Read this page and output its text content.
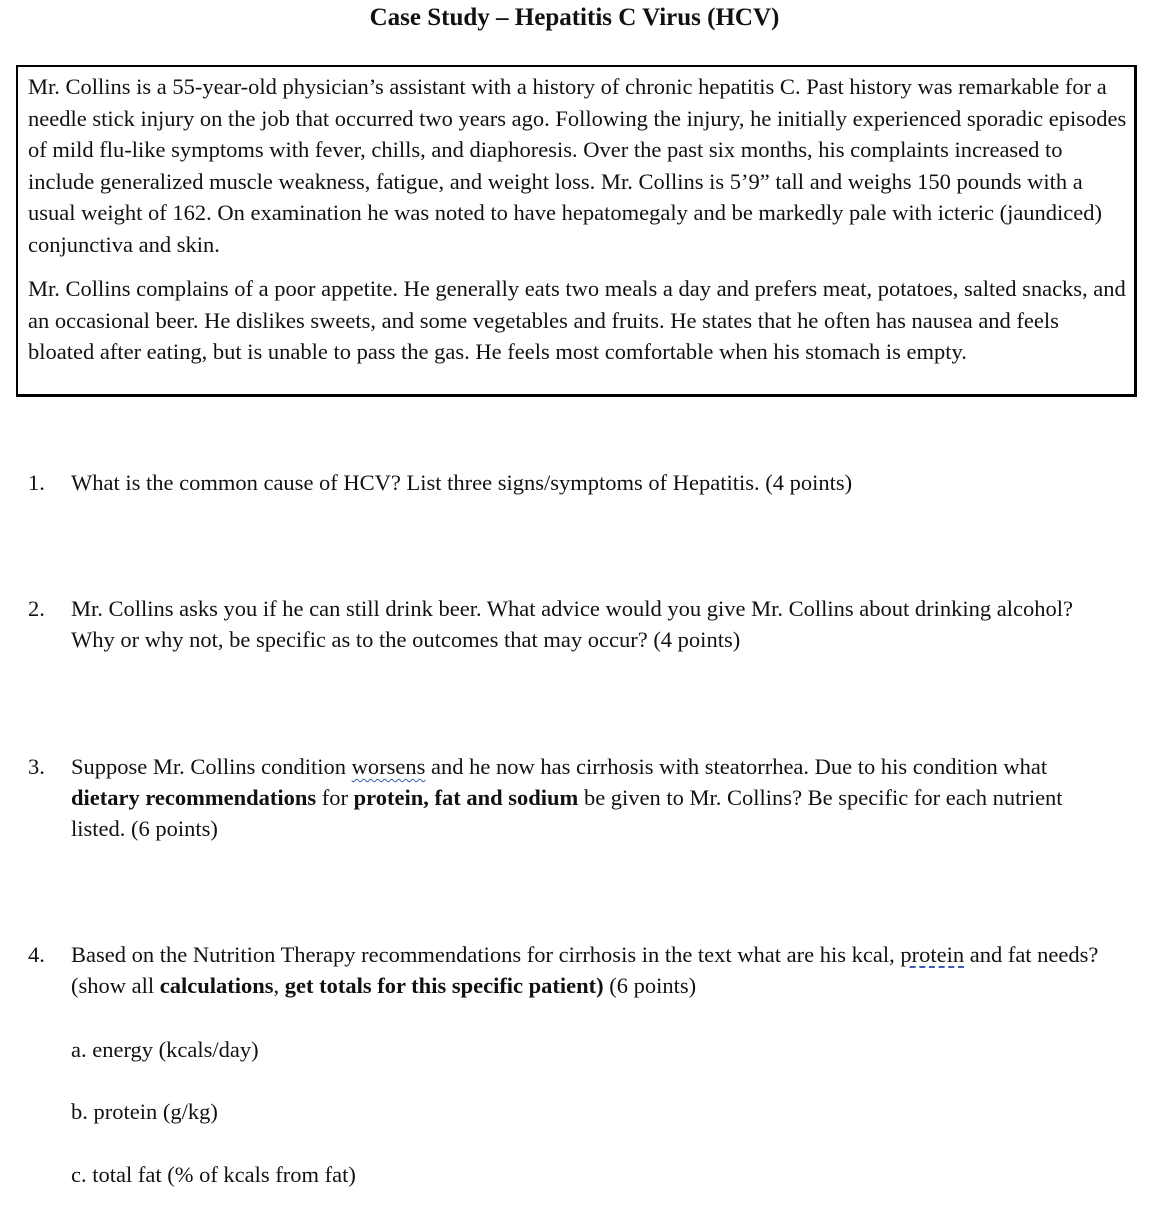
Case Study – Hepatitis C Virus (HCV)

Mr. Collins is a 55-year-old physician’s assistant with a history of chronic hepatitis C. Past history was remarkable for a needle stick injury on the job that occurred two years ago. Following the injury, he initially experienced sporadic episodes of mild flu-like symptoms with fever, chills, and diaphoresis. Over the past six months, his complaints increased to include generalized muscle weakness, fatigue, and weight loss. Mr. Collins is 5’9” tall and weighs 150 pounds with a usual weight of 162. On examination he was noted to have hepatomegaly and be markedly pale with icteric (jaundiced) conjunctiva and skin.

Mr. Collins complains of a poor appetite. He generally eats two meals a day and prefers meat, potatoes, salted snacks, and an occasional beer. He dislikes sweets, and some vegetables and fruits. He states that he often has nausea and feels bloated after eating, but is unable to pass the gas. He feels most comfortable when his stomach is empty.

1. What is the common cause of HCV? List three signs/symptoms of Hepatitis. (4 points)
2. Mr. Collins asks you if he can still drink beer. What advice would you give Mr. Collins about drinking alcohol? Why or why not, be specific as to the outcomes that may occur? (4 points)
3. Suppose Mr. Collins condition worsens and he now has cirrhosis with steatorrhea. Due to his condition what dietary recommendations for protein, fat and sodium be given to Mr. Collins? Be specific for each nutrient listed. (6 points)
4. Based on the Nutrition Therapy recommendations for cirrhosis in the text what are his kcal, protein and fat needs? (show all calculations, get totals for this specific patient) (6 points)
a. energy (kcals/day)
b. protein (g/kg)
c. total fat (% of kcals from fat)
